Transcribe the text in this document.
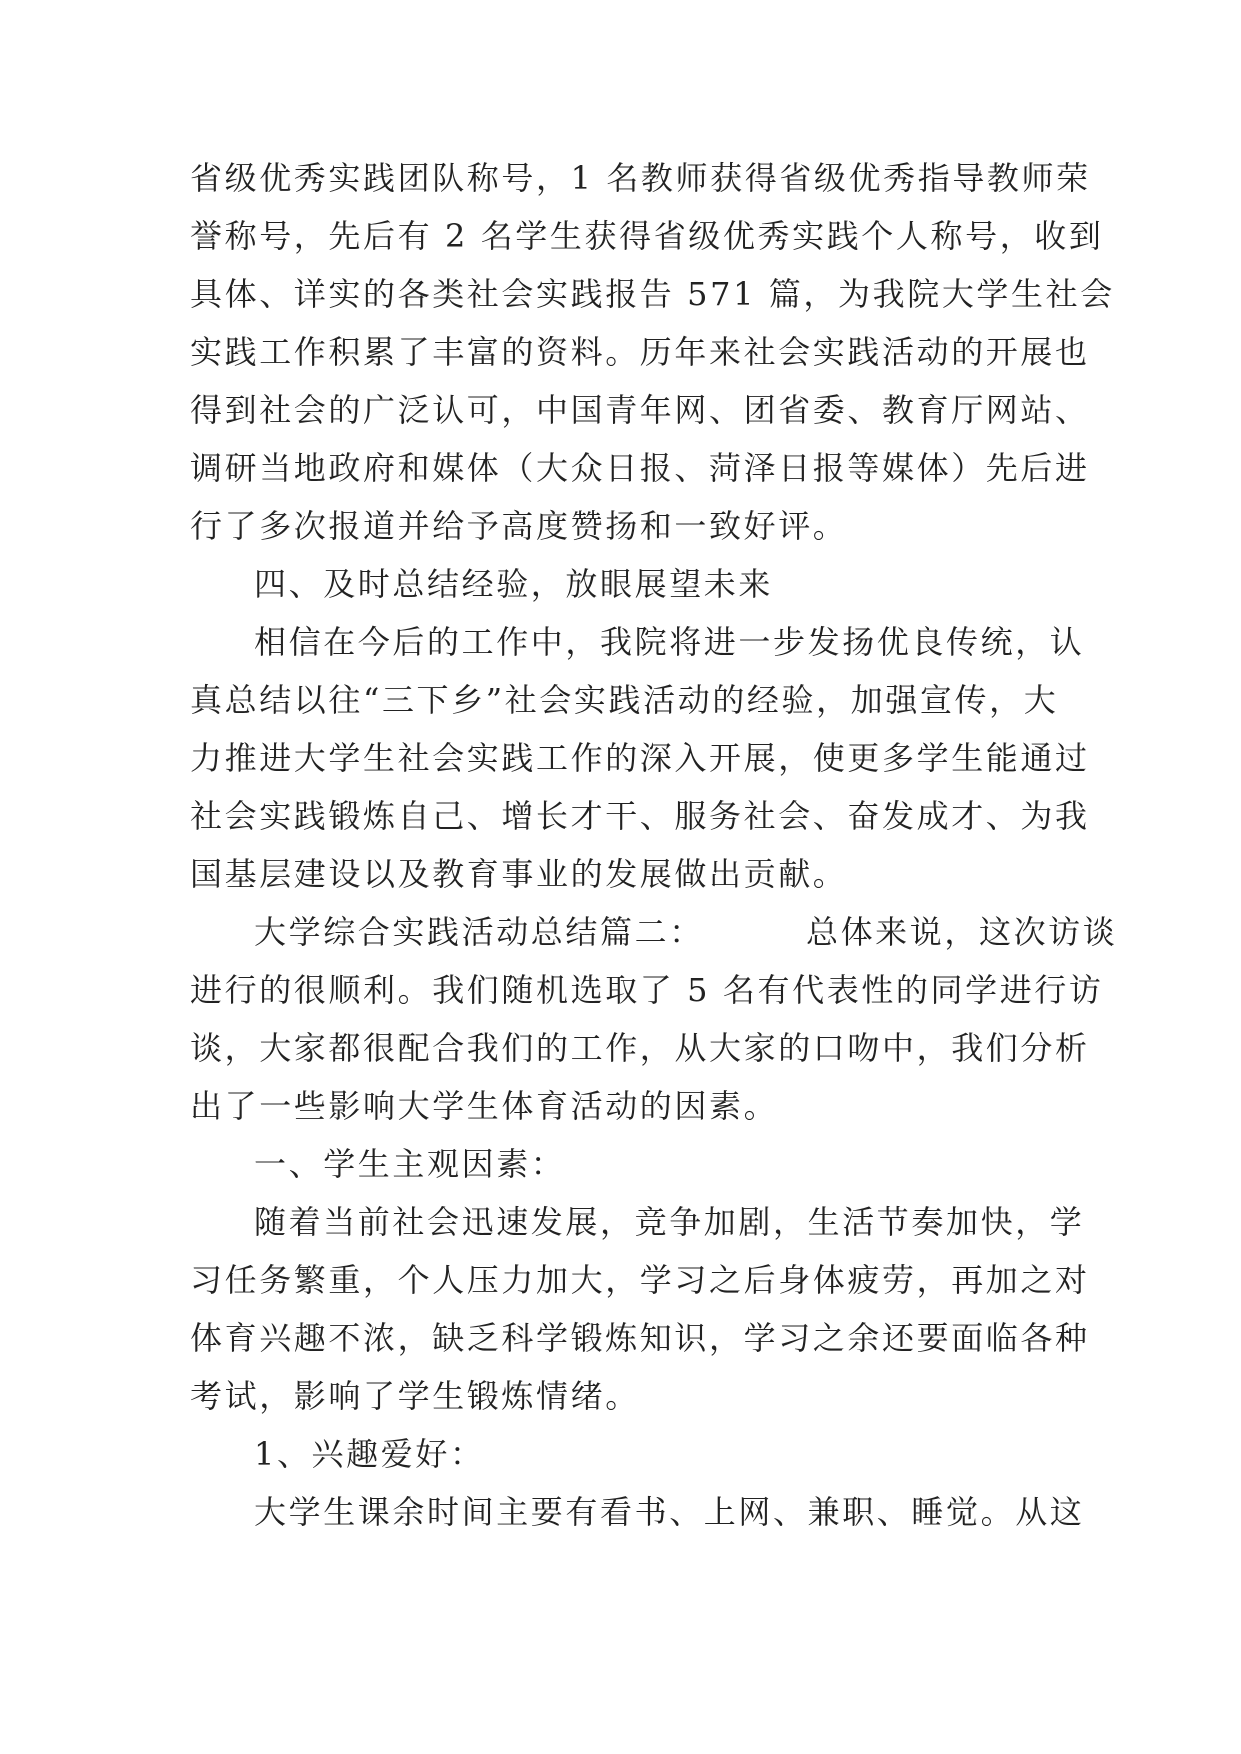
省级优秀实践团队称号，1 名教师获得省级优秀指导教师荣
誉称号，先后有 2 名学生获得省级优秀实践个人称号，收到
具体、详实的各类社会实践报告 571 篇，为我院大学生社会
实践工作积累了丰富的资料。历年来社会实践活动的开展也
得到社会的广泛认可，中国青年网、团省委、教育厅网站、
调研当地政府和媒体（大众日报、菏泽日报等媒体）先后进
行了多次报道并给予高度赞扬和一致好评。
四、及时总结经验，放眼展望未来
相信在今后的工作中，我院将进一步发扬优良传统，认
真总结以往“三下乡”社会实践活动的经验，加强宣传，大
力推进大学生社会实践工作的深入开展，使更多学生能通过
社会实践锻炼自己、增长才干、服务社会、奋发成才、为我
国基层建设以及教育事业的发展做出贡献。
大学综合实践活动总结篇二：        总体来说，这次访谈
进行的很顺利。我们随机选取了 5 名有代表性的同学进行访
谈，大家都很配合我们的工作，从大家的口吻中，我们分析
出了一些影响大学生体育活动的因素。
一、学生主观因素：
随着当前社会迅速发展，竞争加剧，生活节奏加快，学
习任务繁重，个人压力加大，学习之后身体疲劳，再加之对
体育兴趣不浓，缺乏科学锻炼知识，学习之余还要面临各种
考试，影响了学生锻炼情绪。
1、兴趣爱好：
大学生课余时间主要有看书、上网、兼职、睡觉。从这
